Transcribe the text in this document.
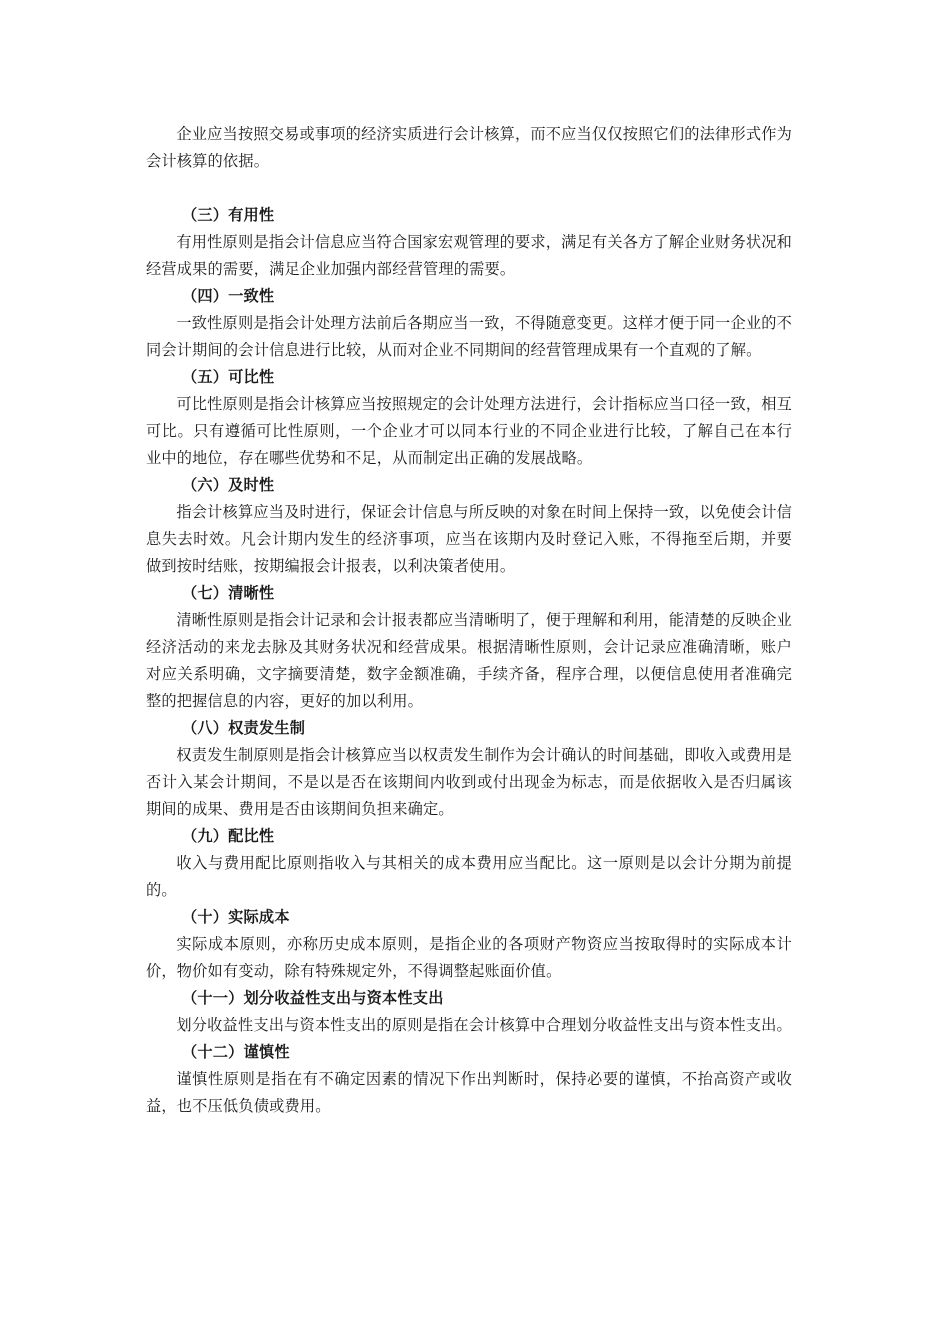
企业应当按照交易或事项的经济实质进行会计核算，而不应当仅仅按照它们的法律形式作为会计核算的依据。

（三）有用性

有用性原则是指会计信息应当符合国家宏观管理的要求，满足有关各方了解企业财务状况和经营成果的需要，满足企业加强内部经营管理的需要。

（四）一致性

一致性原则是指会计处理方法前后各期应当一致，不得随意变更。这样才便于同一企业的不同会计期间的会计信息进行比较，从而对企业不同期间的经营管理成果有一个直观的了解。

（五）可比性

可比性原则是指会计核算应当按照规定的会计处理方法进行，会计指标应当口径一致，相互可比。只有遵循可比性原则，一个企业才可以同本行业的不同企业进行比较，了解自己在本行业中的地位，存在哪些优势和不足，从而制定出正确的发展战略。

（六）及时性

指会计核算应当及时进行，保证会计信息与所反映的对象在时间上保持一致，以免使会计信息失去时效。凡会计期内发生的经济事项，应当在该期内及时登记入账，不得拖至后期，并要做到按时结账，按期编报会计报表，以利决策者使用。

（七）清晰性

清晰性原则是指会计记录和会计报表都应当清晰明了，便于理解和利用，能清楚的反映企业经济活动的来龙去脉及其财务状况和经营成果。根据清晰性原则，会计记录应准确清晰，账户对应关系明确，文字摘要清楚，数字金额准确，手续齐备，程序合理，以便信息使用者准确完整的把握信息的内容，更好的加以利用。

（八）权责发生制

权责发生制原则是指会计核算应当以权责发生制作为会计确认的时间基础，即收入或费用是否计入某会计期间，不是以是否在该期间内收到或付出现金为标志，而是依据收入是否归属该期间的成果、费用是否由该期间负担来确定。

（九）配比性

收入与费用配比原则指收入与其相关的成本费用应当配比。这一原则是以会计分期为前提的。

（十）实际成本

实际成本原则，亦称历史成本原则，是指企业的各项财产物资应当按取得时的实际成本计价，物价如有变动，除有特殊规定外，不得调整起账面价值。

（十一）划分收益性支出与资本性支出

划分收益性支出与资本性支出的原则是指在会计核算中合理划分收益性支出与资本性支出。

（十二）谨慎性

谨慎性原则是指在有不确定因素的情况下作出判断时，保持必要的谨慎，不抬高资产或收益，也不压低负债或费用。
